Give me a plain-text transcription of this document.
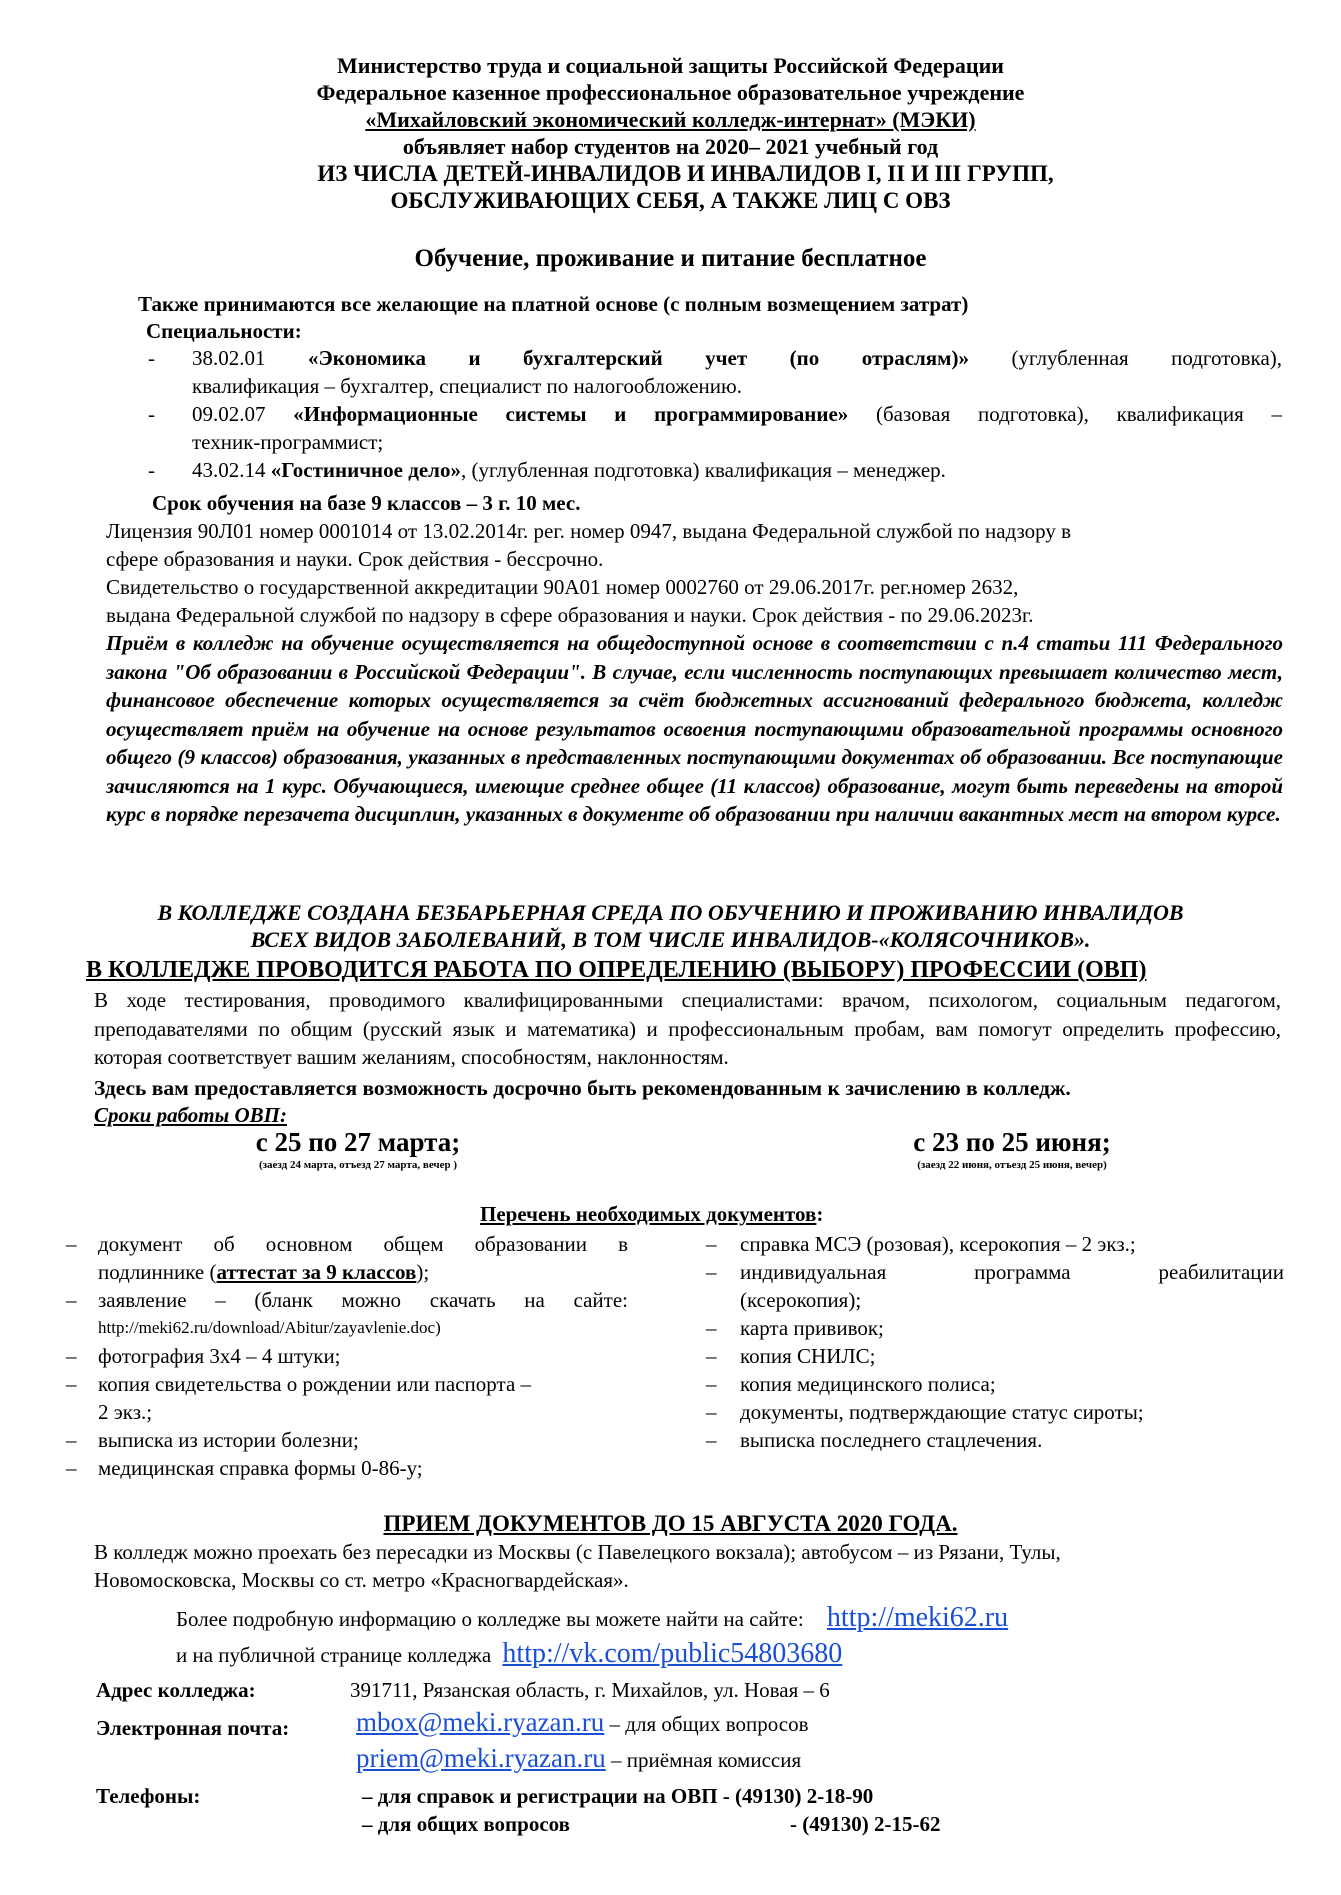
Министерство труда и социальной защиты Российской Федерации
Федеральное казенное профессиональное образовательное учреждение
«Михайловский экономический колледж-интернат» (МЭКИ)
объявляет набор студентов на 2020– 2021 учебный год
ИЗ ЧИСЛА ДЕТЕЙ-ИНВАЛИДОВ И ИНВАЛИДОВ I, II И III ГРУПП,
ОБСЛУЖИВАЮЩИХ СЕБЯ, А ТАКЖЕ ЛИЦ С ОВЗ
Обучение, проживание и питание бесплатное
Также принимаются все желающие на платной основе (с полным возмещением затрат)
Специальности:
- 38.02.01 «Экономика и бухгалтерский учет (по отраслям)» (углубленная подготовка),
квалификация – бухгалтер, специалист по налогообложению.
- 09.02.07 «Информационные системы и программирование» (базовая подготовка), квалификация –
техник-программист;
- 43.02.14 «Гостиничное дело», (углубленная подготовка) квалификация – менеджер.
Срок обучения на базе 9 классов – 3 г. 10 мес.
Лицензия 90Л01 номер 0001014 от 13.02.2014г. рег. номер 0947, выдана Федеральной службой по надзору в
сфере образования и науки. Срок действия - бессрочно.
Свидетельство о государственной аккредитации 90А01 номер 0002760 от 29.06.2017г. рег.номер 2632,
выдана Федеральной службой по надзору в сфере образования и науки. Срок действия - по 29.06.2023г.
Приём в колледж на обучение осуществляется на общедоступной основе в соответствии с п.4 статьи 111 Федерального закона "Об образовании в Российской Федерации". В случае, если численность поступающих превышает количество мест, финансовое обеспечение которых осуществляется за счёт бюджетных ассигнований федерального бюджета, колледж осуществляет приём на обучение на основе результатов освоения поступающими образовательной программы основного общего (9 классов) образования, указанных в представленных поступающими документах об образовании. Все поступающие зачисляются на 1 курс. Обучающиеся, имеющие среднее общее (11 классов) образование, могут быть переведены на второй курс в порядке перезачета дисциплин, указанных в документе об образовании при наличии вакантных мест на втором курсе.
В КОЛЛЕДЖЕ СОЗДАНА БЕЗБАРЬЕРНАЯ СРЕДА ПО ОБУЧЕНИЮ И ПРОЖИВАНИЮ ИНВАЛИДОВ
ВСЕХ ВИДОВ ЗАБОЛЕВАНИЙ, В ТОМ ЧИСЛЕ ИНВАЛИДОВ-«КОЛЯСОЧНИКОВ».
В КОЛЛЕДЖЕ ПРОВОДИТСЯ РАБОТА ПО ОПРЕДЕЛЕНИЮ (ВЫБОРУ) ПРОФЕССИИ (ОВП)
В ходе тестирования, проводимого квалифицированными специалистами: врачом, психологом, социальным педагогом, преподавателями по общим (русский язык и математика) и профессиональным пробам, вам помогут определить профессию, которая соответствует вашим желаниям, способностям, наклонностям.
Здесь вам предоставляется возможность досрочно быть рекомендованным к зачислению в колледж.
Сроки работы ОВП:
с 25 по 27 марта;
(заезд 24 марта, отъезд 27 марта, вечер )
с 23 по 25 июня;
(заезд 22 июня, отъезд 25 июня, вечер)
Перечень необходимых документов:
– документ об основном общем образовании в
подлиннике (аттестат за 9 классов);
– заявление – (бланк можно скачать на сайте:
http://meki62.ru/download/Abitur/zayavlenie.doc)
– фотография 3х4 – 4 штуки;
– копия свидетельства о рождении или паспорта –
2 экз.;
– выписка из истории болезни;
– медицинская справка формы 0-86-у;
– справка МСЭ (розовая), ксерокопия – 2 экз.;
– индивидуальная программа реабилитации
(ксерокопия);
– карта прививок;
– копия СНИЛС;
– копия медицинского полиса;
– документы, подтверждающие статус сироты;
– выписка последнего стацлечения.
ПРИЕМ ДОКУМЕНТОВ ДО 15 АВГУСТА 2020 ГОДА.
В колледж можно проехать без пересадки из Москвы (с Павелецкого вокзала); автобусом – из Рязани, Тулы,
Новомосковска, Москвы со ст. метро «Красногвардейская».
Более подробную информацию о колледже вы можете найти на сайте: http://meki62.ru
и на публичной странице колледжа http://vk.com/public54803680
Адрес колледжа:	391711, Рязанская область, г. Михайлов, ул. Новая – 6
Электронная почта: mbox@meki.ryazan.ru – для общих вопросов
priem@meki.ryazan.ru – приёмная комиссия
Телефоны:	– для справок и регистрации на ОВП - (49130) 2-18-90
– для общих вопросов	- (49130) 2-15-62
